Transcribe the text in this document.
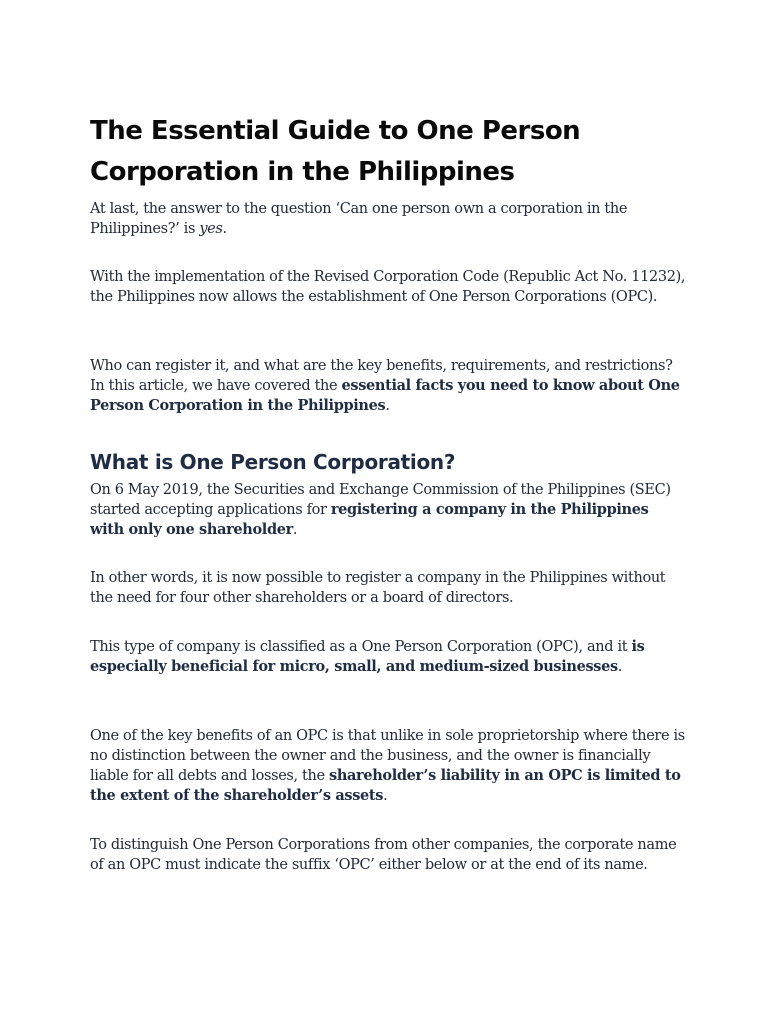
The Essential Guide to One Person Corporation in the Philippines

At last, the answer to the question ‘Can one person own a corporation in the Philippines?’ is yes.

With the implementation of the Revised Corporation Code (Republic Act No. 11232), the Philippines now allows the establishment of One Person Corporations (OPC).

Who can register it, and what are the key benefits, requirements, and restrictions? In this article, we have covered the essential facts you need to know about One Person Corporation in the Philippines.

What is One Person Corporation?

On 6 May 2019, the Securities and Exchange Commission of the Philippines (SEC) started accepting applications for registering a company in the Philippines with only one shareholder.

In other words, it is now possible to register a company in the Philippines without the need for four other shareholders or a board of directors.

This type of company is classified as a One Person Corporation (OPC), and it is especially beneficial for micro, small, and medium-sized businesses.

One of the key benefits of an OPC is that unlike in sole proprietorship where there is no distinction between the owner and the business, and the owner is financially liable for all debts and losses, the shareholder’s liability in an OPC is limited to the extent of the shareholder’s assets.

To distinguish One Person Corporations from other companies, the corporate name of an OPC must indicate the suffix ‘OPC’ either below or at the end of its name.
